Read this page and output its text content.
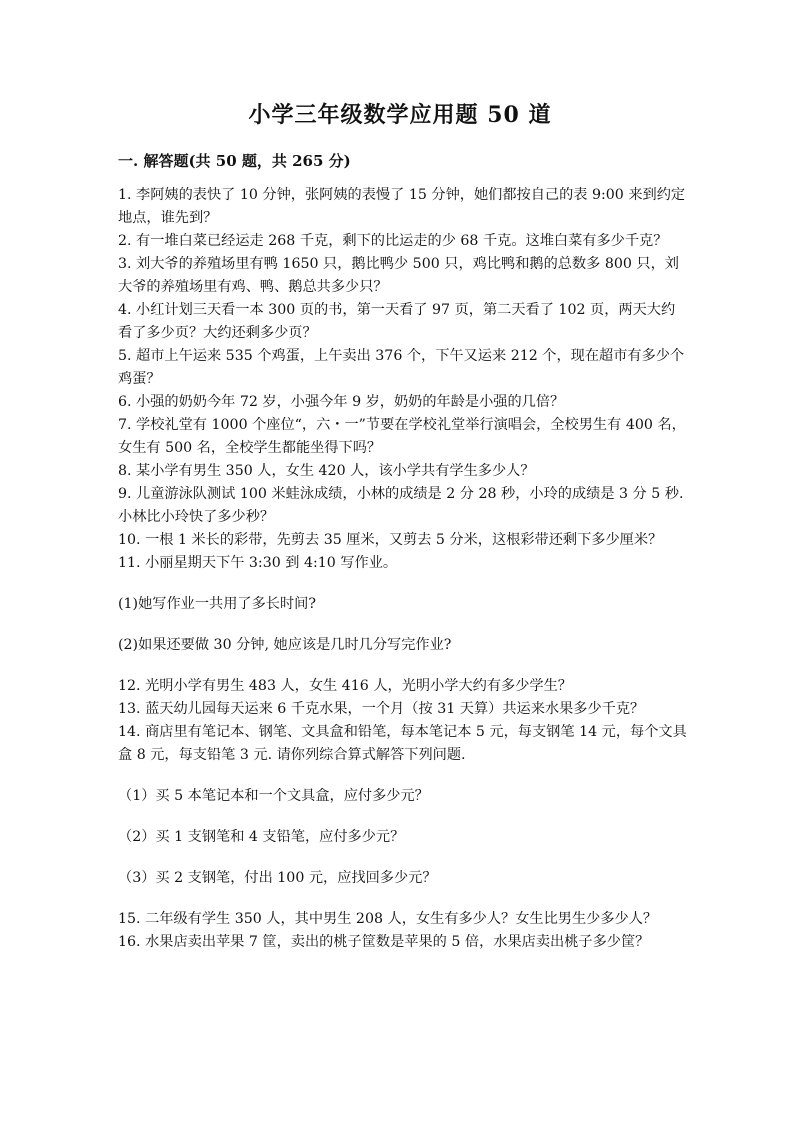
小学三年级数学应用题 50 道
一. 解答题(共 50 题，共 265 分)
1. 李阿姨的表快了 10 分钟，张阿姨的表慢了 15 分钟，她们都按自己的表 9:00 来到约定地点，谁先到？
2. 有一堆白菜已经运走 268 千克，剩下的比运走的少 68 千克。这堆白菜有多少千克？
3. 刘大爷的养殖场里有鸭 1650 只，鹅比鸭少 500 只，鸡比鸭和鹅的总数多 800 只，刘大爷的养殖场里有鸡、鸭、鹅总共多少只？
4. 小红计划三天看一本 300 页的书，第一天看了 97 页，第二天看了 102 页，两天大约看了多少页？大约还剩多少页？
5. 超市上午运来 535 个鸡蛋，上午卖出 376 个，下午又运来 212 个，现在超市有多少个鸡蛋？
6. 小强的奶奶今年 72 岁，小强今年 9 岁，奶奶的年龄是小强的几倍？
7. 学校礼堂有 1000 个座位“，六・一”节要在学校礼堂举行演唱会，全校男生有 400 名，女生有 500 名，全校学生都能坐得下吗？
8. 某小学有男生 350 人，女生 420 人，该小学共有学生多少人？
9. 儿童游泳队测试 100 米蛙泳成绩，小林的成绩是 2 分 28 秒，小玲的成绩是 3 分 5 秒. 小林比小玲快了多少秒？
10. 一根 1 米长的彩带，先剪去 35 厘米，又剪去 5 分米，这根彩带还剩下多少厘米？
11. 小丽星期天下午 3:30 到 4:10 写作业。
(1)她写作业一共用了多长时间?
(2)如果还要做 30 分钟, 她应该是几时几分写完作业?
12. 光明小学有男生 483 人，女生 416 人，光明小学大约有多少学生？
13. 蓝天幼儿园每天运来 6 千克水果，一个月（按 31 天算）共运来水果多少千克？
14. 商店里有笔记本、钢笔、文具盒和铅笔，每本笔记本 5 元，每支钢笔 14 元，每个文具盒 8 元，每支铅笔 3 元. 请你列综合算式解答下列问题.
（1）买 5 本笔记本和一个文具盒，应付多少元？
（2）买 1 支钢笔和 4 支铅笔，应付多少元？
（3）买 2 支钢笔，付出 100 元，应找回多少元？
15. 二年级有学生 350 人，其中男生 208 人，女生有多少人？女生比男生少多少人？
16. 水果店卖出苹果 7 筐，卖出的桃子筐数是苹果的 5 倍，水果店卖出桃子多少筐？
